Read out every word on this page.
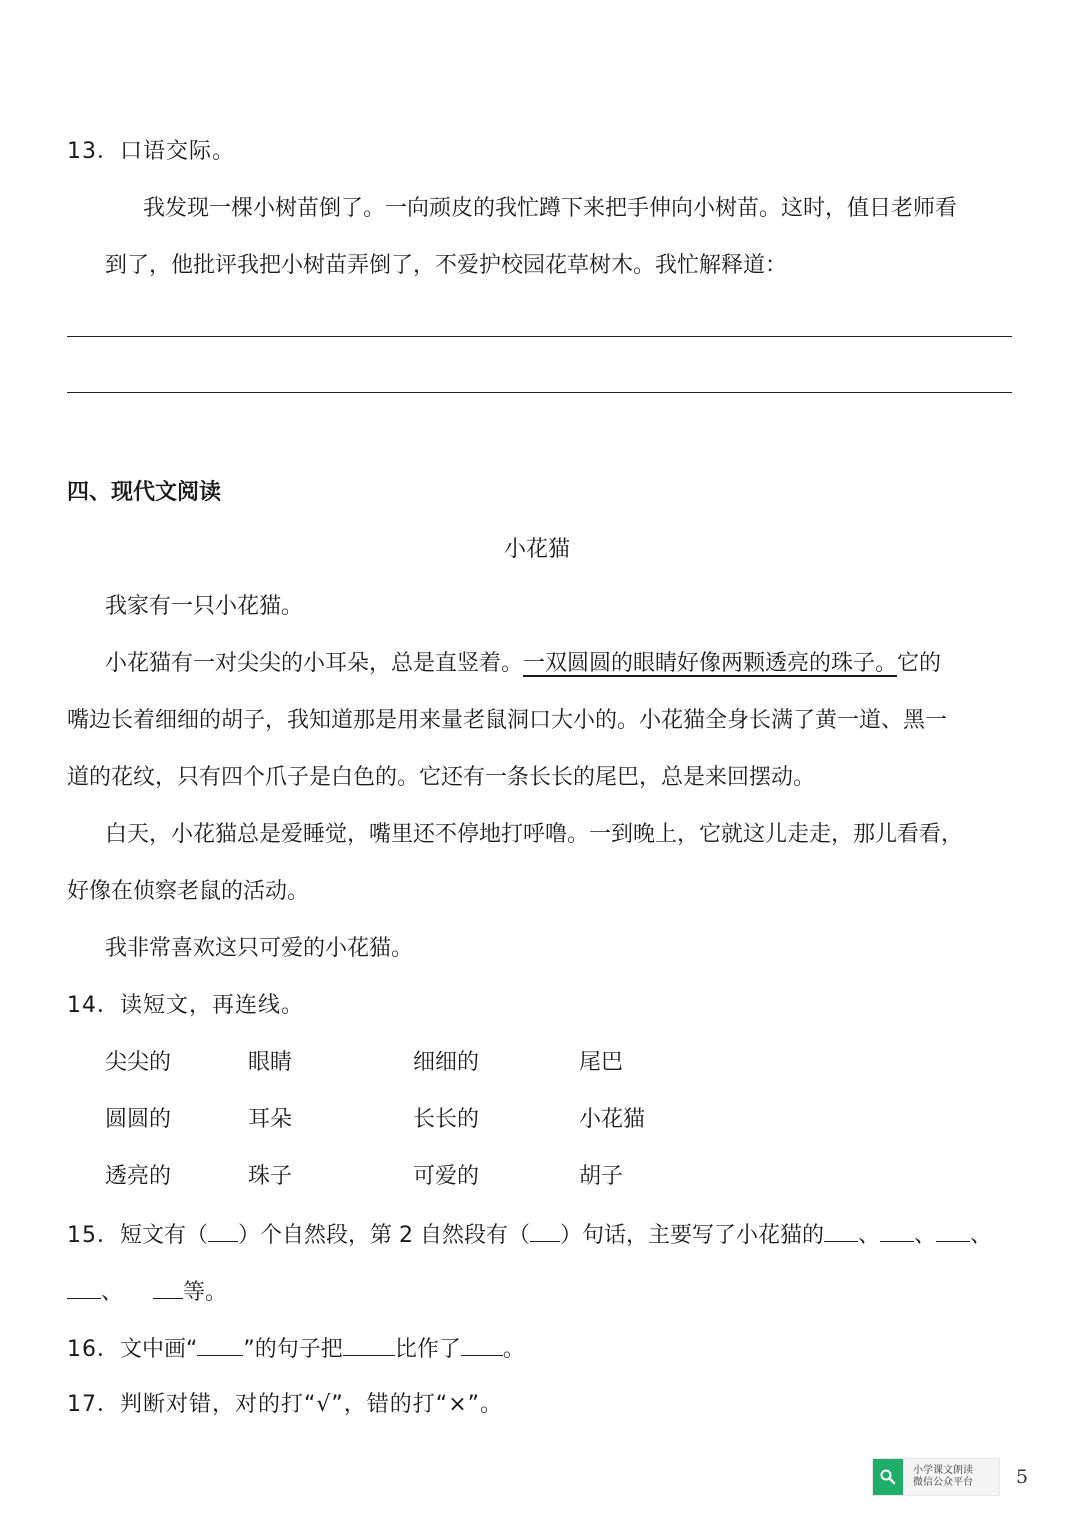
13．口语交际。
我发现一棵小树苗倒了。一向顽皮的我忙蹲下来把手伸向小树苗。这时，值日老师看
到了，他批评我把小树苗弄倒了，不爱护校园花草树木。我忙解释道：
四、现代文阅读
小花猫
我家有一只小花猫。
小花猫有一对尖尖的小耳朵，总是直竖着。一双圆圆的眼睛好像两颗透亮的珠子。它的
嘴边长着细细的胡子，我知道那是用来量老鼠洞口大小的。小花猫全身长满了黄一道、黑一
道的花纹，只有四个爪子是白色的。它还有一条长长的尾巴，总是来回摆动。
白天，小花猫总是爱睡觉，嘴里还不停地打呼噜。一到晚上，它就这儿走走，那儿看看，
好像在侦察老鼠的活动。
我非常喜欢这只可爱的小花猫。
14．读短文，再连线。
尖尖的	眼睛	细细的	尾巴
圆圆的	耳朵	长长的	小花猫
透亮的	珠子	可爱的	胡子
15．短文有（ ）个自然段，第 2 自然段有（ ）句话，主要写了小花猫的 、 、 、
、	等。
16．文中画“ ”的句子把 比作了 。
17．判断对错，对的打“√”，错的打“×”。
小学课文朗读
微信公众平台 5
